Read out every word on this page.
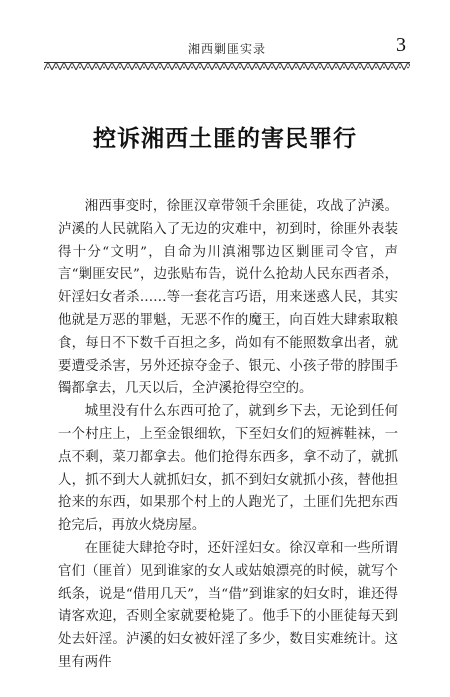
湘西剿匪实录	3
控诉湘西土匪的害民罪行

湘西事变时，徐匪汉章带领千余匪徒，攻战了泸溪。泸溪的人民就陷入了无边的灾难中，初到时，徐匪外表装得十分“文明”，自命为川滇湘鄂边区剿匪司令官，声言“剿匪安民”，边张贴布告，说什么抢劫人民东西者杀，奸淫妇女者杀……等一套花言巧语，用来迷惑人民，其实他就是万恶的罪魁，无恶不作的魔王，向百姓大肆索取粮食，每日不下数千百担之多，尚如有不能照数拿出者，就要遭受杀害，另外还掠夺金子、银元、小孩子带的脖围手镯都拿去，几天以后，全泸溪抢得空空的。

城里没有什么东西可抢了，就到乡下去，无论到任何一个村庄上，上至金银细软，下至妇女们的短裤鞋袜，一点不剩，菜刀都拿去。他们抢得东西多，拿不动了，就抓人，抓不到大人就抓妇女，抓不到妇女就抓小孩，替他担抢来的东西，如果那个村上的人跑光了，土匪们先把东西抢完后，再放火烧房屋。

在匪徒大肆抢夺时，还奸淫妇女。徐汉章和一些所谓官们（匪首）见到谁家的女人或姑娘漂亮的时候，就写个纸条，说是“借用几天”，当“借”到谁家的妇女时，谁还得请客欢迎，否则全家就要枪毙了。他手下的小匪徒每天到处去奸淫。泸溪的妇女被奸淫了多少，数目实难统计。这里有两件
